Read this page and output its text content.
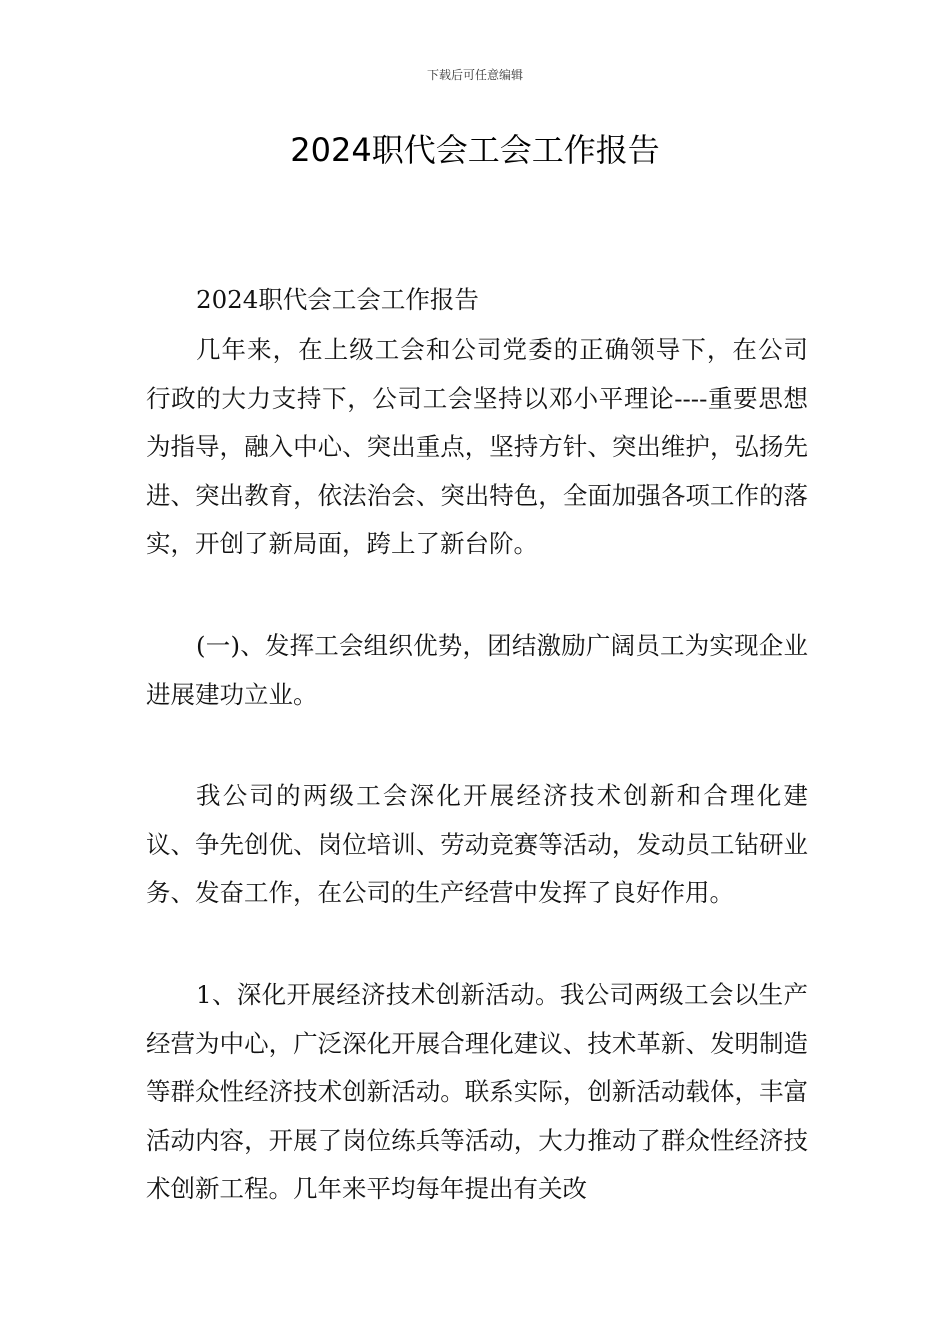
下载后可任意编辑
2024职代会工会工作报告

2024职代会工会工作报告

几年来，在上级工会和公司党委的正确领导下，在公司行政的大力支持下，公司工会坚持以邓小平理论----重要思想为指导，融入中心、突出重点，坚持方针、突出维护，弘扬先进、突出教育，依法治会、突出特色，全面加强各项工作的落实，开创了新局面，跨上了新台阶。

(一)、发挥工会组织优势，团结激励广阔员工为实现企业进展建功立业。

我公司的两级工会深化开展经济技术创新和合理化建议、争先创优、岗位培训、劳动竞赛等活动，发动员工钻研业务、发奋工作，在公司的生产经营中发挥了良好作用。

1、深化开展经济技术创新活动。我公司两级工会以生产经营为中心，广泛深化开展合理化建议、技术革新、发明制造等群众性经济技术创新活动。联系实际，创新活动载体，丰富活动内容，开展了岗位练兵等活动，大力推动了群众性经济技术创新工程。几年来平均每年提出有关改
